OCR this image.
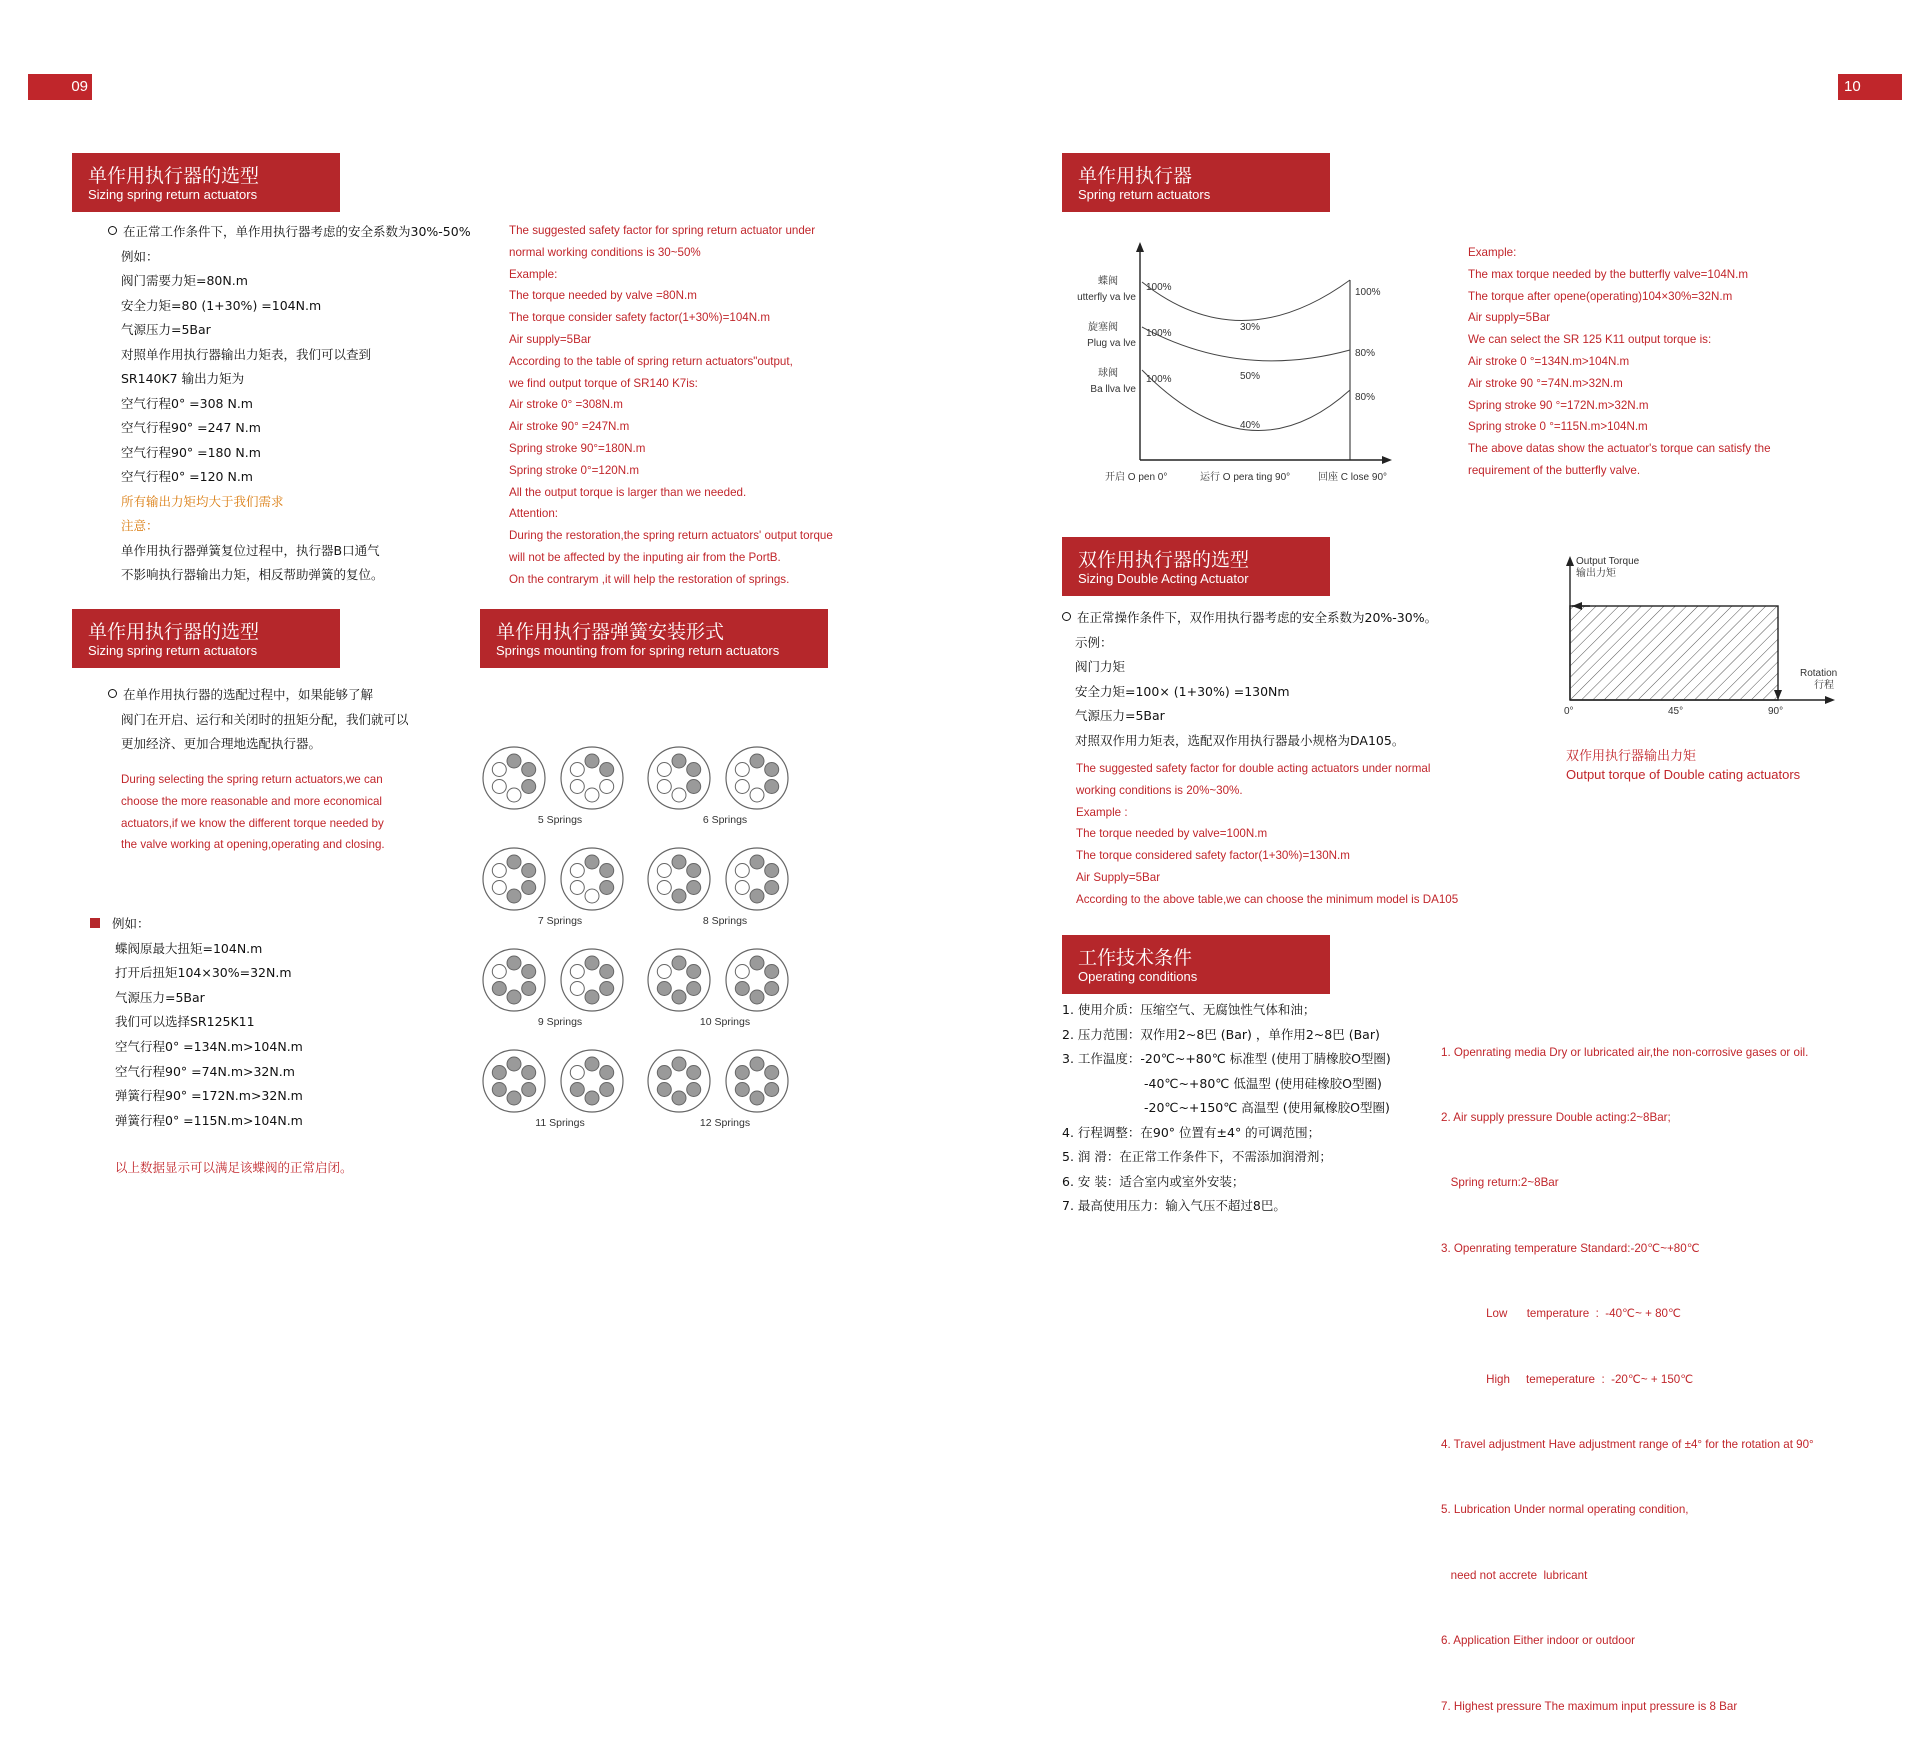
09	10
单作用执行器的选型
Sizing spring return actuators
在正常工作条件下，单作用执行器考虑的安全系数为30%-50%
例如：
阀门需要力矩=80N.m
安全力矩=80 (1+30%) =104N.m
气源压力=5Bar
对照单作用执行器输出力矩表，我们可以查到
SR140K7 输出力矩为
空气行程0° =308 N.m
空气行程90° =247 N.m
空气行程90° =180 N.m
空气行程0° =120 N.m
所有输出力矩均大于我们需求
注意：
单作用执行器弹簧复位过程中，执行器B口通气
不影响执行器输出力矩，相反帮助弹簧的复位。
The suggested safety factor for spring return actuator under
normal working conditions is 30~50%
Example:
The torque needed by valve =80N.m
The torque consider safety factor(1+30%)=104N.m
Air supply=5Bar
According to the table of spring return actuators"output,
we find output torque of SR140 K7is:
Air stroke 0° =308N.m
Air stroke 90° =247N.m
Spring stroke 90°=180N.m
Spring stroke 0°=120N.m
All the output torque is larger than we needed.
Attention:
During the restoration,the spring return actuators' output torque
will not be affected by the inputing air from the PortB.
On the contrarym ,it will help the restoration of springs.
单作用执行器的选型
Sizing spring return actuators
在单作用执行器的选配过程中，如果能够了解
阀门在开启、运行和关闭时的扭矩分配，我们就可以
更加经济、更加合理地选配执行器。
During selecting the spring return actuators,we can
choose the more reasonable and more economical
actuators,if we know the different torque needed by
the valve working at opening,operating and closing.
单作用执行器弹簧安装形式
Springs mounting from for spring return actuators
5 Springs	6 Springs
7 Springs	8 Springs
9 Springs	10 Springs
11 Springs	12 Springs
例如：
蝶阀原最大扭矩=104N.m
打开后扭矩104×30%=32N.m
气源压力=5Bar
我们可以选择SR125K11
空气行程0° =134N.m>104N.m
空气行程90° =74N.m>32N.m
弹簧行程90° =172N.m>32N.m
弹簧行程0° =115N.m>104N.m
以上数据显示可以满足该蝶阀的正常启闭。
单作用执行器
Spring return actuators
蝶阀
utterfly va lve
100%
30%
100%
旋塞阀
Plug va lve
100%
50%
80%
球阀
Ba llva lve
100%
40%
80%
开启 O pen 0°	运行 O pera ting 90°	回座 C lose 90°
Example:
The max torque needed by the butterfly valve=104N.m
The torque after opene(operating)104×30%=32N.m
Air supply=5Bar
We can select the SR 125 K11 output torque is:
Air stroke 0 °=134N.m>104N.m
Air stroke 90 °=74N.m>32N.m
Spring stroke 90 °=172N.m>32N.m
Spring stroke 0 °=115N.m>104N.m
The above datas show the actuator's torque can satisfy the
requirement of the butterfly valve.
双作用执行器的选型
Sizing Double Acting Actuator
在正常操作条件下，双作用执行器考虑的安全系数为20%-30%。
示例：
阀门力矩
安全力矩=100× (1+30%) =130Nm
气源压力=5Bar
对照双作用力矩表，选配双作用执行器最小规格为DA105。
The suggested safety factor for double acting actuators under normal
working conditions is 20%~30%.
Example :
The torque needed by valve=100N.m
The torque considered safety factor(1+30%)=130N.m
Air Supply=5Bar
According to the above table,we can choose the minimum model is DA105
Output Torque
输出力矩
Rotation
行程
0°	45°	90°
双作用执行器输出力矩
Output torque of Double cating actuators
工作技术条件
Operating conditions
1. 使用介质：压缩空气、无腐蚀性气体和油；
2. 压力范围：双作用2~8巴 (Bar) ，单作用2~8巴 (Bar)
3. 工作温度：-20℃~+80℃ 标准型 (使用丁腈橡胶O型圈)
-40℃~+80℃ 低温型 (使用硅橡胶O型圈)
-20℃~+150℃ 高温型 (使用氟橡胶O型圈)
4. 行程调整：在90° 位置有±4° 的可调范围；
5. 润 滑：在正常工作条件下，不需添加润滑剂；
6. 安 装：适合室内或室外安装；
7. 最高使用压力：输入气压不超过8巴。

1. Openrating media Dry or lubricated air,the non-corrosive gases or oil.

2. Air supply pressure Double acting:2~8Bar;

Spring return:2~8Bar

3. Openrating temperature Standard:-20℃~+80℃

Low      temperature  :  -40℃~ + 80℃

High     temeperature  :  -20℃~ + 150℃

4. Travel adjustment Have adjustment range of ±4° for the rotation at 90°

5. Lubrication Under normal operating condition,

need not accrete  lubricant

6. Application Either indoor or outdoor

7. Highest pressure The maximum input pressure is 8 Bar
